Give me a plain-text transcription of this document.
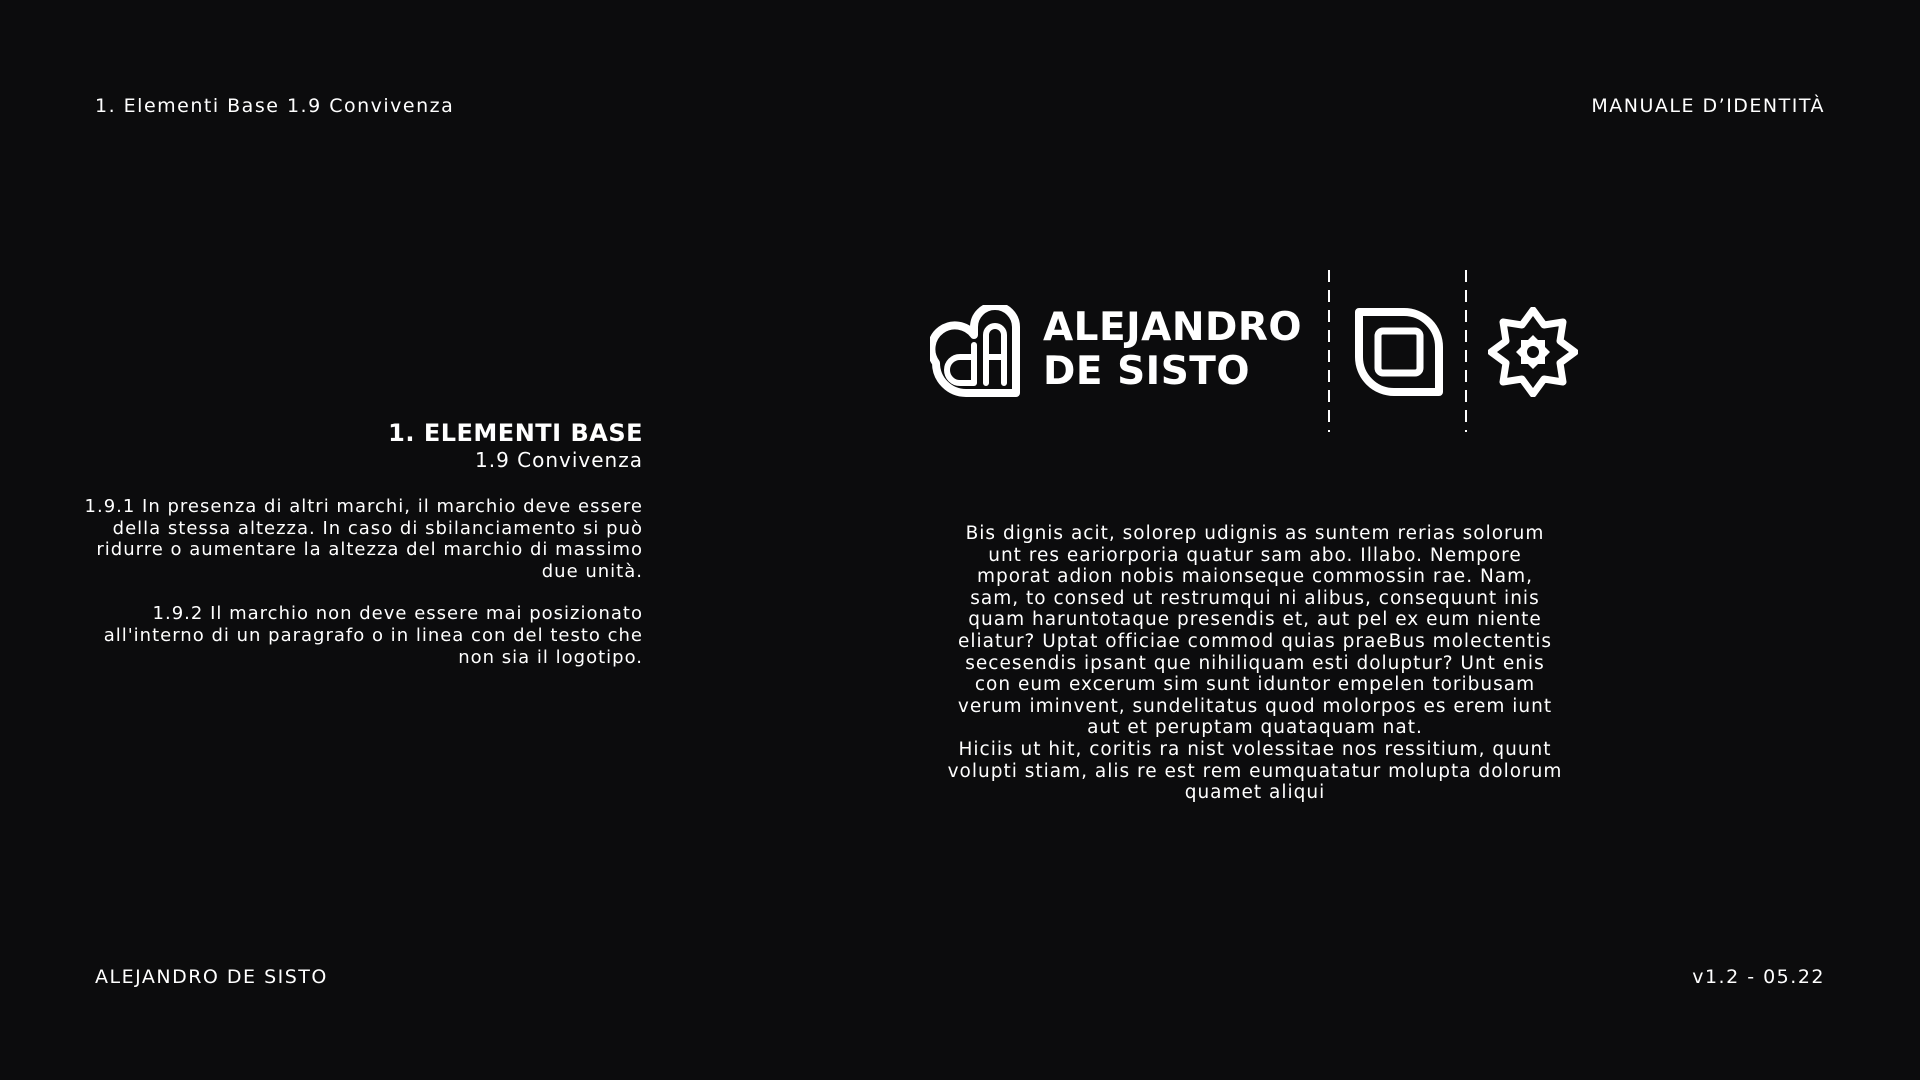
1. Elementi Base 1.9 Convivenza	MANUALE D’IDENTITÀ
1. ELEMENTI BASE
1.9 Convivenza

1.9.1 In presenza di altri marchi, il marchio deve essere della stessa altezza. In caso di sbilanciamento si può ridurre o aumentare la altezza del marchio di massimo due unità.

1.9.2 Il marchio non deve essere mai posizionato all'interno di un paragrafo o in linea con del testo che non sia il logotipo.

ALEJANDRO
DE SISTO
Bis dignis acit, solorep udignis as suntem rerias solorum
unt res eariorporia quatur sam abo. Illabo. Nempore
mporat adion nobis maionseque commossin rae. Nam,
sam, to consed ut restrumqui ni alibus, consequunt inis
quam haruntotaque presendis et, aut pel ex eum niente
eliatur? Uptat officiae commod quias praeBus molectentis
secesendis ipsant que nihiliquam esti doluptur? Unt enis
con eum excerum sim sunt iduntor empelen toribusam
verum iminvent, sundelitatus quod molorpos es erem iunt
aut et peruptam quataquam nat.
Hiciis ut hit, coritis ra nist volessitae nos ressitium, quunt
volupti stiam, alis re est rem eumquatatur molupta dolorum
quamet aliqui
ALEJANDRO DE SISTO	v1.2 - 05.22
